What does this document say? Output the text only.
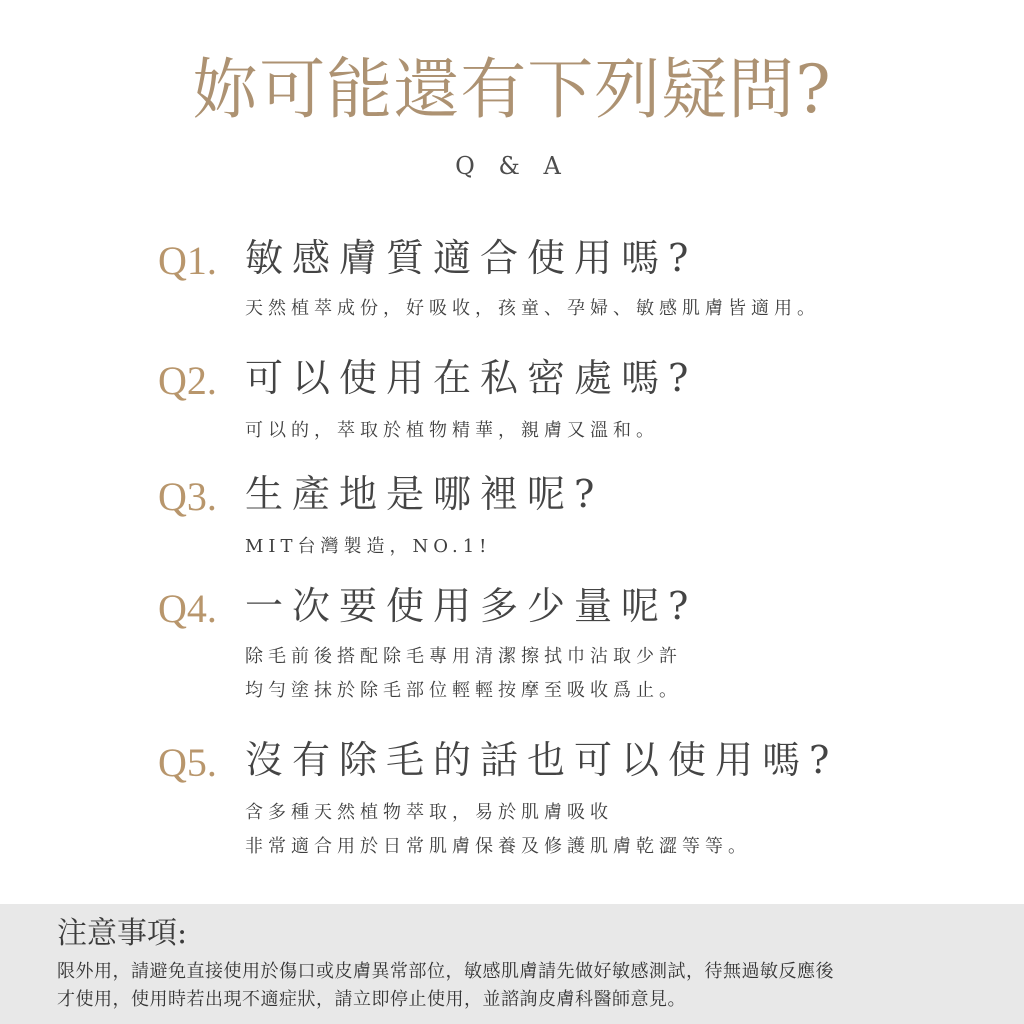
妳可能還有下列疑問?
Q & A
Q1. 敏感膚質適合使用嗎?
天然植萃成份，好吸收，孩童、孕婦、敏感肌膚皆適用。
Q2. 可以使用在私密處嗎?
可以的，萃取於植物精華，親膚又溫和。
Q3. 生產地是哪裡呢?
MIT台灣製造，NO.1!
Q4. 一次要使用多少量呢?
除毛前後搭配除毛專用清潔擦拭巾沾取少許
均勻塗抹於除毛部位輕輕按摩至吸收爲止。
Q5. 沒有除毛的話也可以使用嗎?
含多種天然植物萃取，易於肌膚吸收
非常適合用於日常肌膚保養及修護肌膚乾澀等等。
注意事項:
限外用，請避免直接使用於傷口或皮膚異常部位，敏感肌膚請先做好敏感測試，待無過敏反應後
才使用，使用時若出現不適症狀，請立即停止使用，並諮詢皮膚科醫師意見。
